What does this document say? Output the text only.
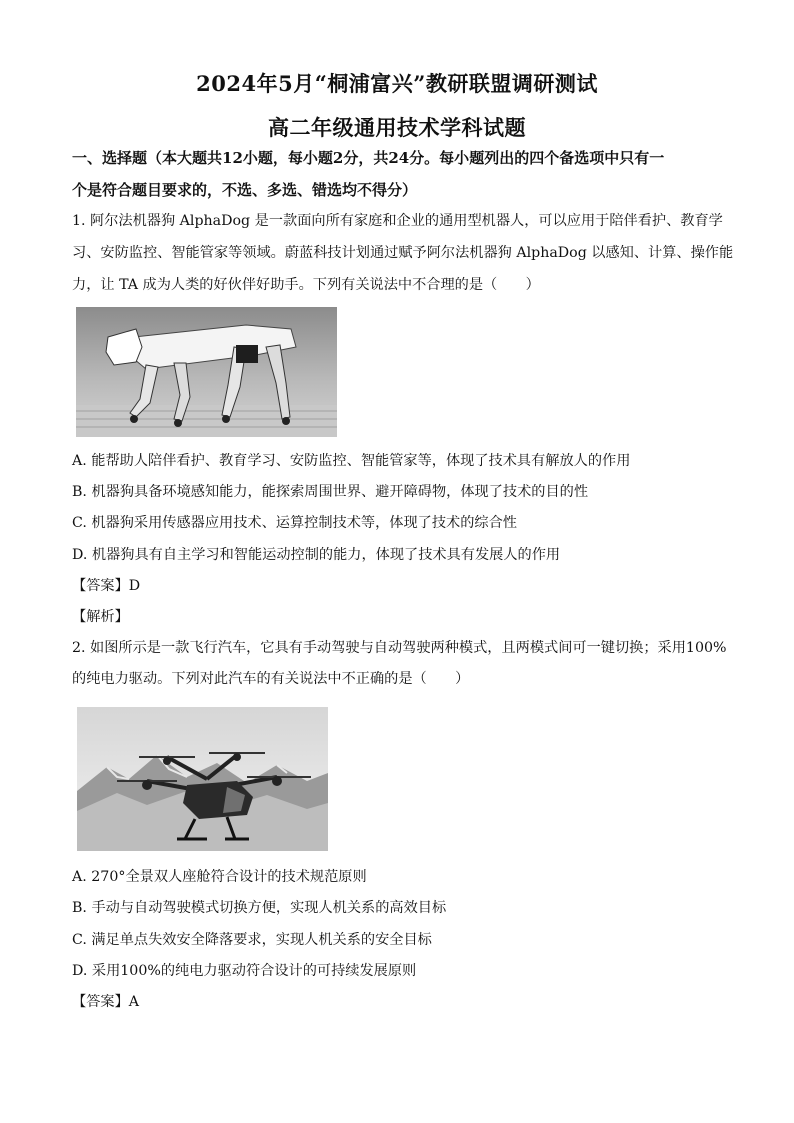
2024年5月“桐浦富兴”教研联盟调研测试
高二年级通用技术学科试题
一、选择题（本大题共12小题，每小题2分，共24分。每小题列出的四个备选项中只有一
个是符合题目要求的，不选、多选、错选均不得分）
1. 阿尔法机器狗 AlphaDog 是一款面向所有家庭和企业的通用型机器人，可以应用于陪伴看护、教育学
习、安防监控、智能管家等领域。蔚蓝科技计划通过赋予阿尔法机器狗 AlphaDog 以感知、计算、操作能
力，让 TA 成为人类的好伙伴好助手。下列有关说法中不合理的是（　　）
A. 能帮助人陪伴看护、教育学习、安防监控、智能管家等，体现了技术具有解放人的作用
B. 机器狗具备环境感知能力，能探索周围世界、避开障碍物，体现了技术的目的性
C. 机器狗采用传感器应用技术、运算控制技术等，体现了技术的综合性
D. 机器狗具有自主学习和智能运动控制的能力，体现了技术具有发展人的作用
【答案】D
【解析】
2. 如图所示是一款飞行汽车，它具有手动驾驶与自动驾驶两种模式，且两模式间可一键切换；采用100%
的纯电力驱动。下列对此汽车的有关说法中不正确的是（　　）
A. 270°全景双人座舱符合设计的技术规范原则
B. 手动与自动驾驶模式切换方便，实现人机关系的高效目标
C. 满足单点失效安全降落要求，实现人机关系的安全目标
D. 采用100%的纯电力驱动符合设计的可持续发展原则
【答案】A
